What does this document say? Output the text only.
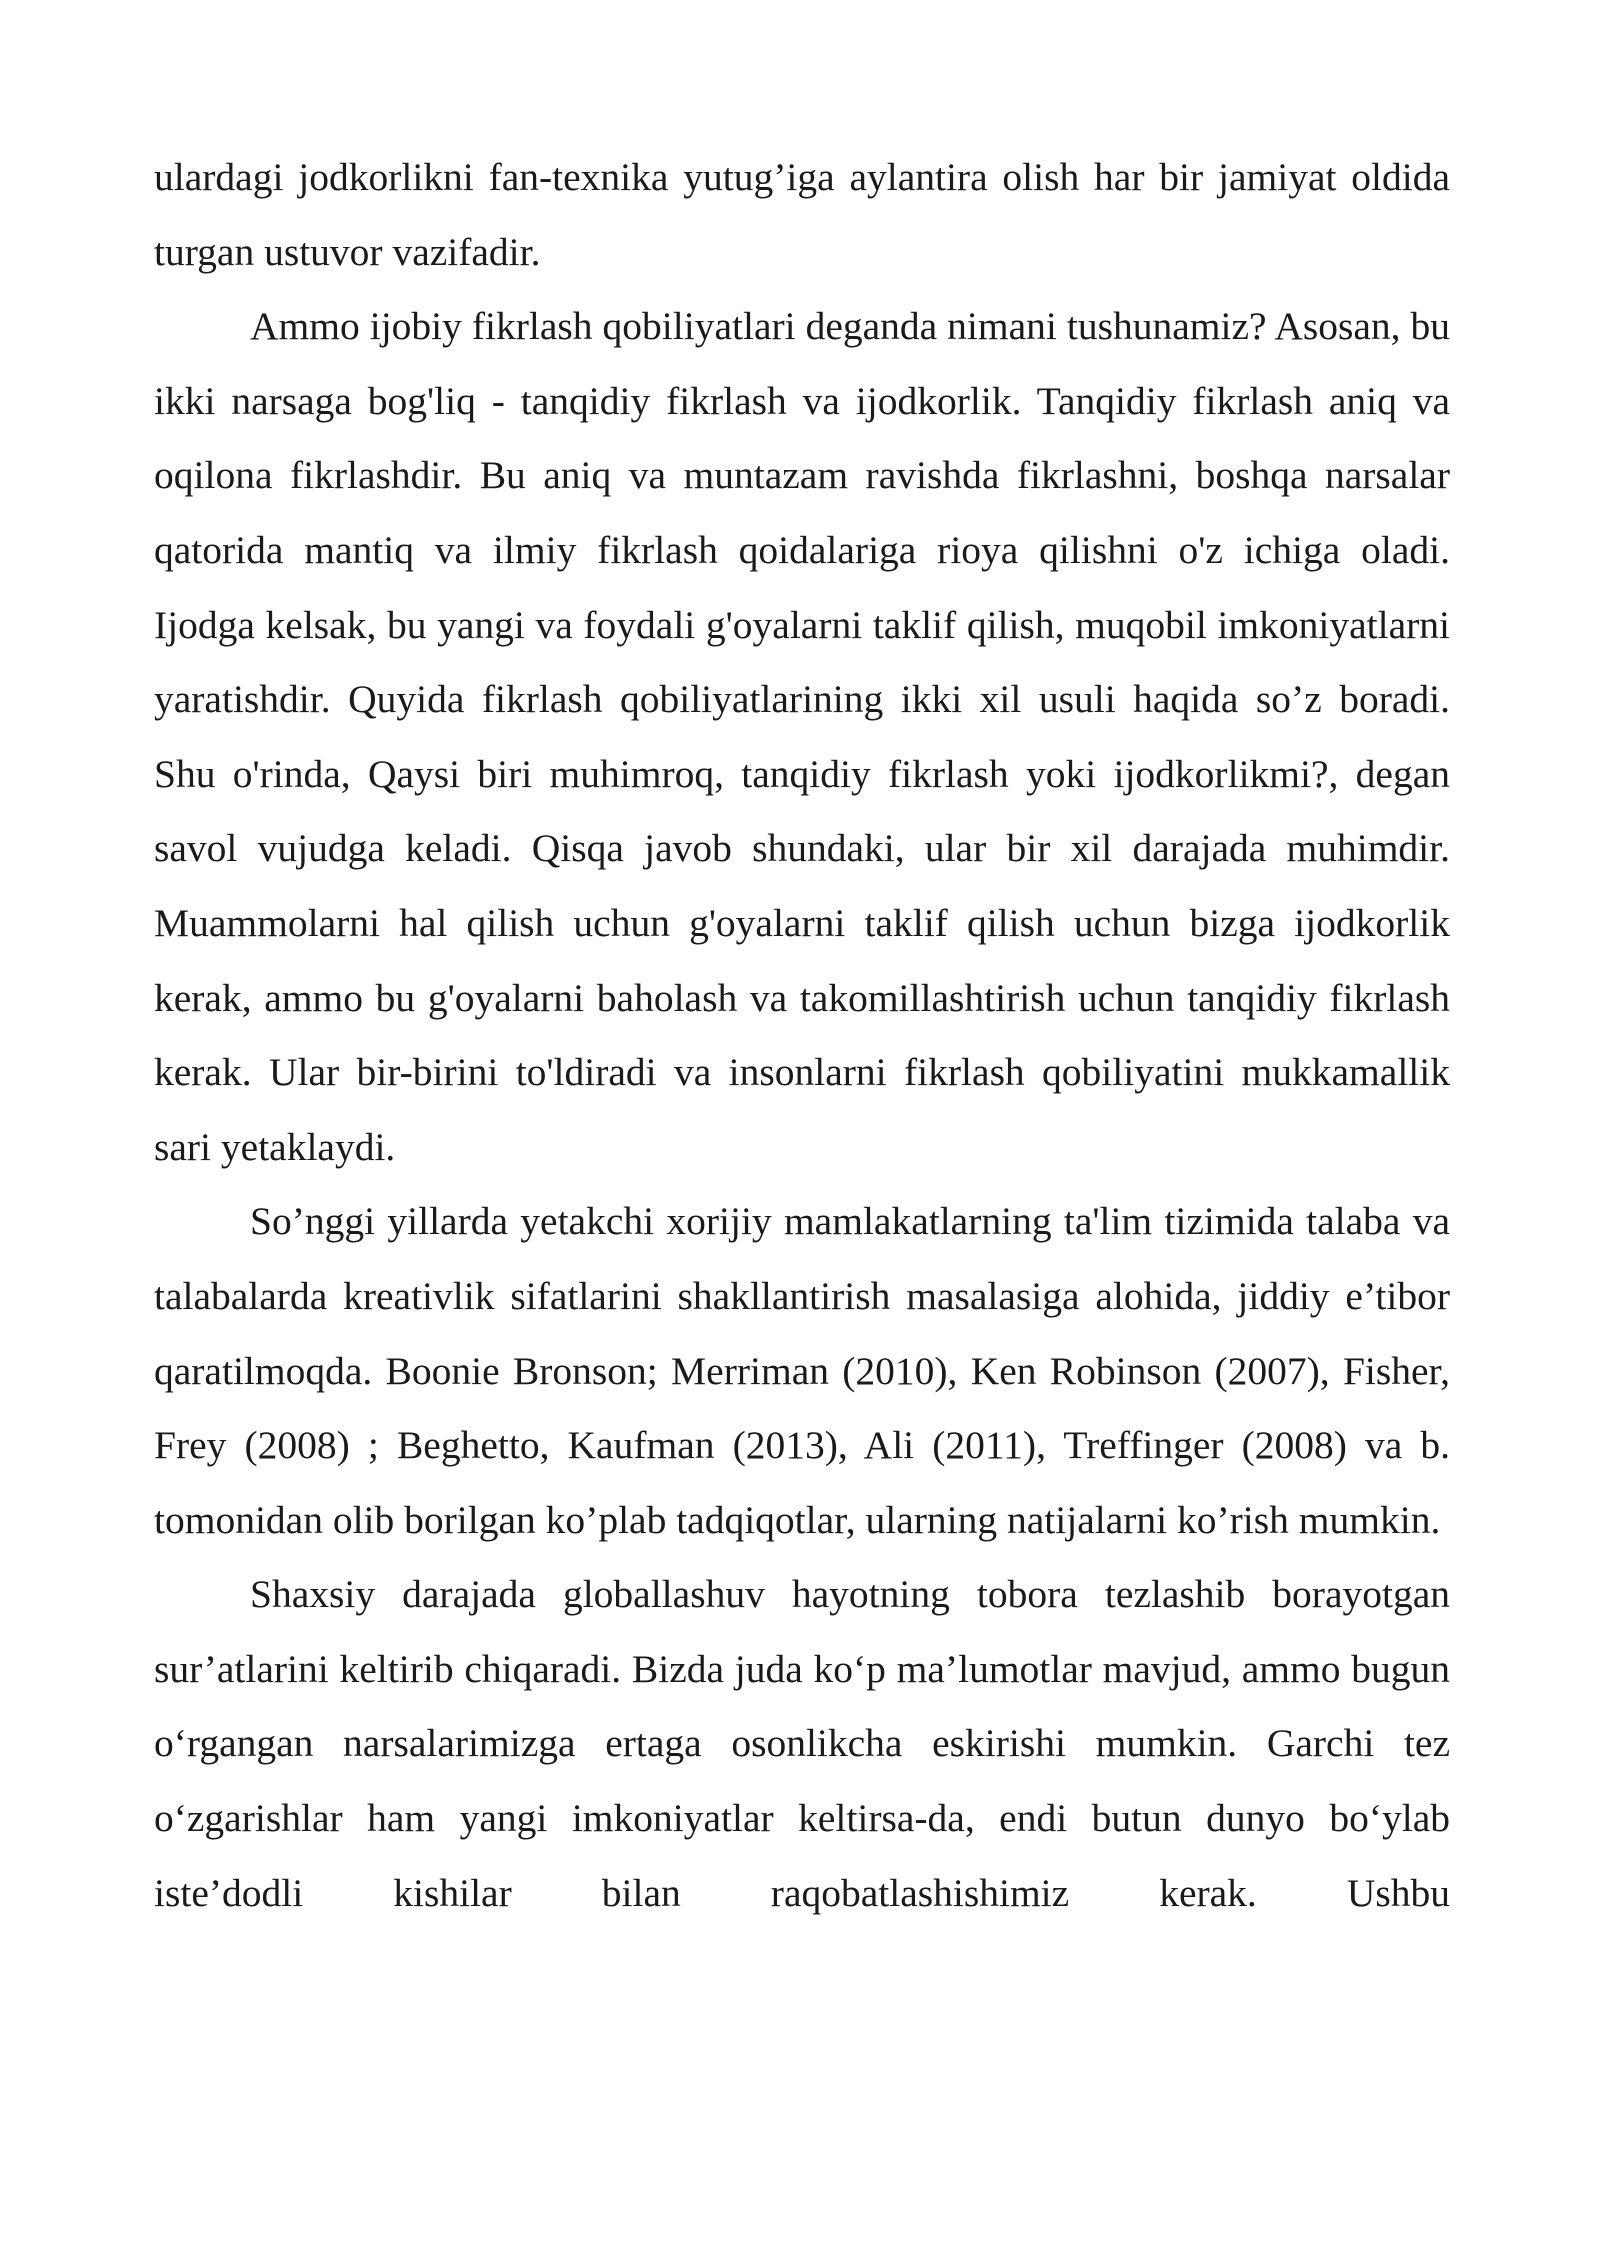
ulardagi jodkorlikni fan-texnika yutug’iga aylantira olish har bir jamiyat oldida turgan ustuvor vazifadir.

Ammo ijobiy fikrlash qobiliyatlari deganda nimani tushunamiz? Asosan, bu ikki narsaga bog'liq - tanqidiy fikrlash va ijodkorlik. Tanqidiy fikrlash aniq va oqilona fikrlashdir. Bu aniq va muntazam ravishda fikrlashni, boshqa narsalar qatorida mantiq va ilmiy fikrlash qoidalariga rioya qilishni o'z ichiga oladi. Ijodga kelsak, bu yangi va foydali g'oyalarni taklif qilish, muqobil imkoniyatlarni yaratishdir. Quyida fikrlash qobiliyatlarining ikki xil usuli haqida so’z boradi. Shu o'rinda, Qaysi biri muhimroq, tanqidiy fikrlash yoki ijodkorlikmi?, degan savol vujudga keladi. Qisqa javob shundaki, ular bir xil darajada muhimdir. Muammolarni hal qilish uchun g'oyalarni taklif qilish uchun bizga ijodkorlik kerak, ammo bu g'oyalarni baholash va takomillashtirish uchun tanqidiy fikrlash kerak. Ular bir-birini to'ldiradi va insonlarni fikrlash qobiliyatini mukkamallik sari yetaklaydi.

So’nggi yillarda yetakchi xorijiy mamlakatlarning ta'lim tizimida talaba va talabalarda kreativlik sifatlarini shakllantirish masalasiga alohida, jiddiy e’tibor qaratilmoqda. Boonie Bronson; Merriman (2010), Ken Robinson (2007), Fisher, Frey (2008) ; Beghetto, Kaufman (2013), Ali (2011), Treffinger (2008) va b. tomonidan olib borilgan ko’plab tadqiqotlar, ularning natijalarni ko’rish mumkin.

Shaxsiy darajada globallashuv hayotning tobora tezlashib borayotgan sur’atlarini keltirib chiqaradi. Bizda juda ko‘p ma’lumotlar mavjud, ammo bugun o‘rgangan narsalarimizga ertaga osonlikcha eskirishi mumkin. Garchi tez o‘zgarishlar ham yangi imkoniyatlar keltirsa-da, endi butun dunyo bo‘ylab iste’dodli kishilar bilan raqobatlashishimiz kerak. Ushbu
